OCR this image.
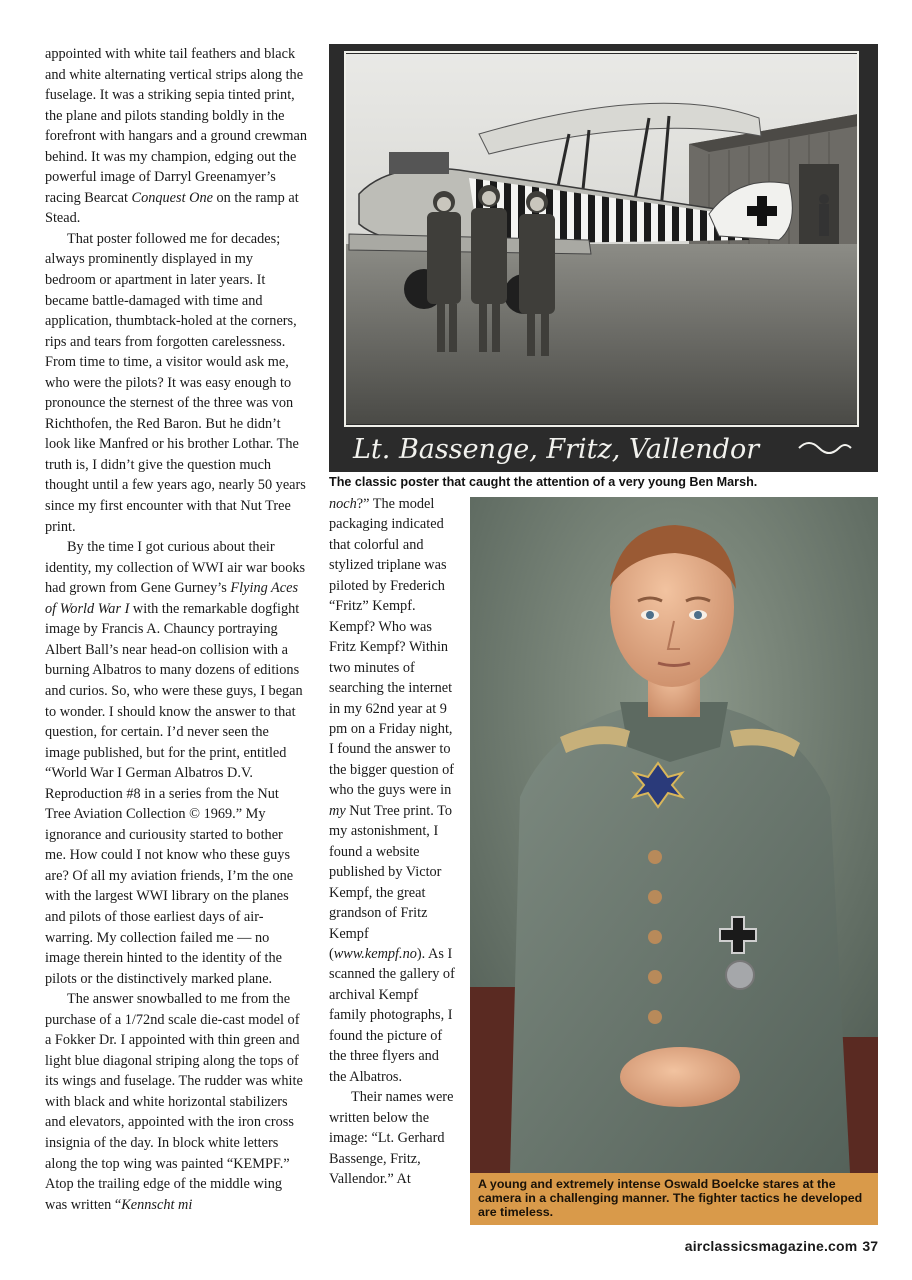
appointed with white tail feathers and black and white alternating vertical strips along the fuselage. It was a striking sepia tinted print, the plane and pilots standing boldly in the forefront with hangars and a ground crewman behind. It was my champion, edging out the powerful image of Darryl Greenamyer’s racing Bearcat Conquest One on the ramp at Stead.

That poster followed me for decades; always prominently displayed in my bedroom or apartment in later years. It became battle-damaged with time and application, thumbtack-holed at the corners, rips and tears from forgotten carelessness. From time to time, a visitor would ask me, who were the pilots? It was easy enough to pronounce the sternest of the three was von Richthofen, the Red Baron. But he didn’t look like Manfred or his brother Lothar. The truth is, I didn’t give the question much thought until a few years ago, nearly 50 years since my first encounter with that Nut Tree print.

By the time I got curious about their identity, my collection of WWI air war books had grown from Gene Gurney’s Flying Aces of World War I with the remarkable dogfight image by Francis A. Chauncy portraying Albert Ball’s near head-on collision with a burning Albatros to many dozens of editions and curios. So, who were these guys, I began to wonder. I should know the answer to that question, for certain. I’d never seen the image published, but for the print, entitled “World War I German Albatros D.V. Reproduction #8 in a series from the Nut Tree Aviation Collection © 1969.” My ignorance and curiousity started to bother me. How could I not know who these guys are? Of all my aviation friends, I’m the one with the largest WWI library on the planes and pilots of those earliest days of air-warring. My collection failed me — no image therein hinted to the identity of the pilots or the distinctively marked plane.

The answer snowballed to me from the purchase of a 1/72nd scale die-cast model of a Fokker Dr. I appointed with thin green and light blue diagonal striping along the tops of its wings and fuselage. The rudder was white with black and white horizontal stabilizers and elevators, appointed with the iron cross insignia of the day. In block white letters along the top wing was painted “KEMPF.” Atop the trailing edge of the middle wing was written “Kennscht mi

Lt. Bassenge, Fritz, Vallendor
The classic poster that caught the attention of a very young Ben Marsh.

noch?” The model packaging indicated that colorful and stylized triplane was piloted by Frederich “Fritz” Kempf. Kempf? Who was Fritz Kempf? Within two minutes of searching the internet in my 62nd year at 9 pm on a Friday night, I found the answer to the bigger question of who the guys were in my Nut Tree print. To my astonishment, I found a website published by Victor Kempf, the great grandson of Fritz Kempf (www.kempf.no). As I scanned the gallery of archival Kempf family photographs, I found the picture of the three flyers and the Albatros.

Their names were written below the image: “Lt. Gerhard Bassenge, Fritz, Vallendor.” At	A young and extremely intense Oswald Boelcke stares at the camera in a challenging manner. The fighter tactics he developed are timeless.
airclassicsmagazine.com 37
